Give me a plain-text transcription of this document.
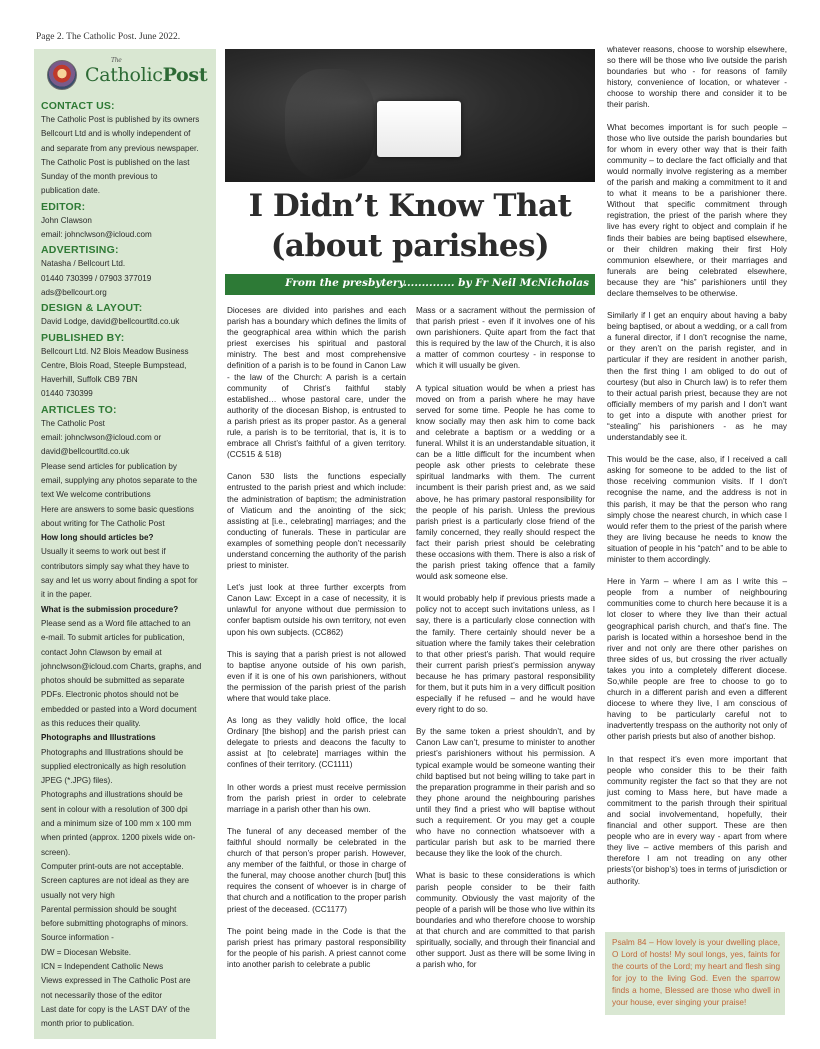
Page 2. The Catholic Post. June 2022.
The
CatholicPost
CONTACT US:

The Catholic Post is published by its owners

Bellcourt Ltd and is wholly independent of

and separate from any previous newspaper.

The Catholic Post is published on the last

Sunday of the month previous to

publication date.

EDITOR:

John Clawson

email: johnclwson@icloud.com

ADVERTISING:

Natasha / Bellcourt Ltd.

01440 730399 / 07903 377019

ads@bellcourt.org

DESIGN & LAYOUT:

David Lodge, david@bellcourtltd.co.uk

PUBLISHED BY:

Bellcourt Ltd. N2 Blois Meadow Business

Centre, Blois Road, Steeple Bumpstead,

Haverhill, Suffolk CB9 7BN

01440 730399

ARTICLES TO:

The Catholic Post

email: johnclwson@icloud.com or

david@bellcourtltd.co.uk

Please send articles for publication by

email, supplying any photos separate to the

text We welcome contributions

Here are answers to some basic questions

about writing for The Catholic Post

How long should articles be?

Usually it seems to work out best if

contributors simply say what they have to

say and let us worry about finding a spot for

it in the paper.

What is the submission procedure?

Please send as a Word file attached to an

e-mail. To submit articles for publication,

contact John Clawson by email at

johnclwson@icloud.com Charts, graphs, and

photos should be submitted as separate

PDFs. Electronic photos should not be

embedded or pasted into a Word document

as this reduces their quality.

Photographs and Illustrations

Photographs and Illustrations should be

supplied electronically as high resolution

JPEG (*.JPG) files).

Photographs and illustrations should be

sent in colour with a resolution of 300 dpi

and a minimum size of 100 mm x 100 mm

when printed (approx. 1200 pixels wide on-

screen).

Computer print-outs are not acceptable.

Screen captures are not ideal as they are

usually not very high

Parental permission should be sought

before submitting photographs of minors.

Source information -

DW = Diocesan Website.

ICN = Independent Catholic News

Views expressed in The Catholic Post are

not necessarily those of the editor

Last date for copy is the LAST DAY of the

month prior to publication.

I Didn’t Know That
(about parishes)
From the presbytery.............. by Fr Neil McNicholas

Dioceses are divided into parishes and each parish has a boundary which defines the limits of the geographical area within which the parish priest exercises his spiritual and pastoral ministry. The best and most comprehensive definition of a parish is to be found in Canon Law - the law of the Church: A parish is a certain community of Christ’s faithful stably established… whose pastoral care, under the authority of the diocesan Bishop, is entrusted to a parish priest as its proper pastor. As a general rule, a parish is to be territorial, that is, it is to embrace all Christ’s faithful of a given territory. (CC515 & 518)

Canon 530 lists the functions especially entrusted to the parish priest and which include: the administration of baptism; the administration of Viaticum and the anointing of the sick; assisting at [i.e., celebrating] marriages; and the conducting of funerals. These in particular are examples of something people don’t necessarily understand concerning the authority of the parish priest to minister.

Let’s just look at three further excerpts from Canon Law: Except in a case of necessity, it is unlawful for anyone without due permission to confer baptism outside his own territory, not even upon his own subjects. (CC862)

This is saying that a parish priest is not allowed to baptise anyone outside of his own parish, even if it is one of his own parishioners, without the permission of the parish priest of the parish where that would take place.

As long as they validly hold office, the local Ordinary [the bishop] and the parish priest can delegate to priests and deacons the faculty to assist at [to celebrate] marriages within the confines of their territory. (CC1111)

In other words a priest must receive permission from the parish priest in order to celebrate marriage in a parish other than his own.

The funeral of any deceased member of the faithful should normally be celebrated in the church of that person’s proper parish. However, any member of the faithful, or those in charge of the funeral, may choose another church [but] this requires the consent of whoever is in charge of that church and a notification to the proper parish priest of the deceased. (CC1177)

The point being made in the Code is that the parish priest has primary pastoral responsibility for the people of his parish. A priest cannot come into another parish to celebrate a public

Mass or a sacrament without the permission of that parish priest - even if it involves one of his own parishioners. Quite apart from the fact that this is required by the law of the Church, it is also a matter of common courtesy - in response to which it will usually be given.

A typical situation would be when a priest has moved on from a parish where he may have served for some time. People he has come to know socially may then ask him to come back and celebrate a baptism or a wedding or a funeral. Whilst it is an understandable situation, it can be a little difficult for the incumbent when people ask other priests to celebrate these spiritual landmarks with them. The current incumbent is their parish priest and, as we said above, he has primary pastoral responsibility for the people of his parish. Unless the previous parish priest is a particularly close friend of the family concerned, they really should respect the fact their parish priest should be celebrating these occasions with them. There is also a risk of the parish priest taking offence that a family would ask someone else.

It would probably help if previous priests made a policy not to accept such invitations unless, as I say, there is a particularly close connection with the family. There certainly should never be a situation where the family takes their celebration to that other priest’s parish. That would require their current parish priest’s permission anyway because he has primary pastoral responsibility for them, but it puts him in a very difficult position especially if he refused – and he would have every right to do so.

By the same token a priest shouldn’t, and by Canon Law can’t, presume to minister to another priest’s parishioners without his permission. A typical example would be someone wanting their child baptised but not being willing to take part in the preparation programme in their parish and so they phone around the neighbouring parishes until they find a priest who will baptise without such a requirement. Or you may get a couple who have no connection whatsoever with a particular parish but ask to be married there because they like the look of the church.

What is basic to these considerations is which parish people consider to be their faith community. Obviously the vast majority of the people of a parish will be those who live within its boundaries and who therefore choose to worship at that church and are committed to that parish spiritually, socially, and through their financial and other support. Just as there will be some living in a parish who, for

whatever reasons, choose to worship elsewhere, so there will be those who live outside the parish boundaries but who - for reasons of family history, convenience of location, or whatever - choose to worship there and consider it to be their parish.

What becomes important is for such people – those who live outside the parish boundaries but for whom in every other way that is their faith community – to declare the fact officially and that would normally involve registering as a member of the parish and making a commitment to it and to what it means to be a parishioner there. Without that specific commitment through registration, the priest of the parish where they live has every right to object and complain if he finds their babies are being baptised elsewhere, or their children making their first Holy communion elsewhere, or their marriages and funerals are being celebrated elsewhere, because they are “his” parishioners until they declare themselves to be otherwise.

Similarly if I get an enquiry about having a baby being baptised, or about a wedding, or a call from a funeral director, if I don’t recognise the name, or they aren’t on the parish register, and in particular if they are resident in another parish, then the first thing I am obliged to do out of courtesy (but also in Church law) is to refer them to their actual parish priest, because they are not officially members of my parish and I don’t want to get into a dispute with another priest for “stealing” his parishioners - as he may understandably see it.

This would be the case, also, if I received a call asking for someone to be added to the list of those receiving communion visits. If I don’t recognise the name, and the address is not in this parish, it may be that the person who rang simply chose the nearest church, in which case I would refer them to the priest of the parish where they are living because he needs to know the situation of people in his “patch” and to be able to minister to them accordingly.

Here in Yarm – where I am as I write this – people from a number of neighbouring communities come to church here because it is a lot closer to where they live than their actual geographical parish church, and that’s fine. The parish is located within a horseshoe bend in the river and not only are there other parishes on three sides of us, but crossing the river actually takes you into a completely different diocese. So,while people are free to choose to go to church in a different parish and even a different diocese to where they live, I am conscious of having to be particularly careful not to inadvertently trespass on the authority not only of other parish priests but also of another bishop.

In that respect it’s even more important that people who consider this to be their faith community register the fact so that they are not just coming to Mass here, but have made a commitment to the parish through their spiritual and social involvementand, hopefully, their financial and other support. These are then people who are in every way - apart from where they live – active members of this parish and therefore I am not treading on any other priests’(or bishop’s) toes in terms of jurisdiction or authority.

Psalm 84 – How lovely is your dwelling place, O Lord of hosts! My soul longs, yes, faints for the courts of the Lord; my heart and flesh sing for joy to the living God. Even the sparrow finds a home, Blessed are those who dwell in your house, ever singing your praise!
